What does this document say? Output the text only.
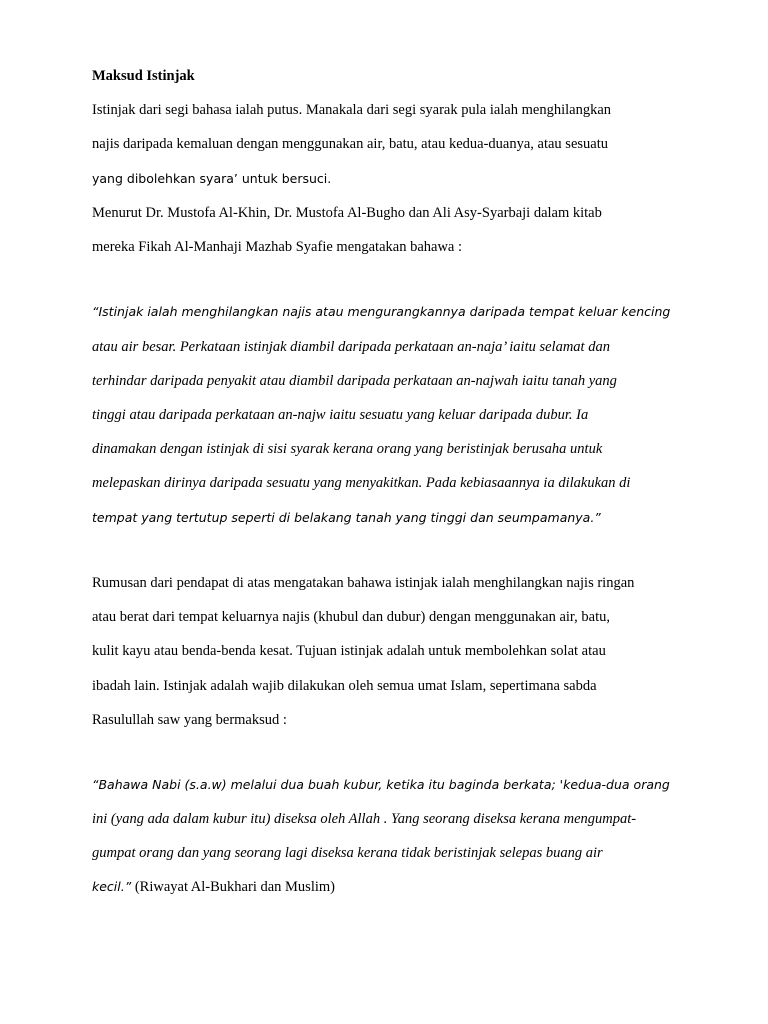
Maksud Istinjak

Istinjak dari segi bahasa ialah putus. Manakala dari segi syarak pula ialah menghilangkan

najis daripada kemaluan dengan menggunakan air, batu, atau kedua-duanya, atau sesuatu

yang dibolehkan syara’ untuk bersuci.

Menurut Dr. Mustofa Al-Khin, Dr. Mustofa Al-Bugho dan Ali Asy-Syarbaji dalam kitab

mereka Fikah Al-Manhaji Mazhab Syafie mengatakan bahawa :

“Istinjak ialah menghilangkan najis atau mengurangkannya daripada tempat keluar kencing

atau air besar. Perkataan istinjak diambil daripada perkataan an-naja’ iaitu selamat dan

terhindar daripada penyakit atau diambil daripada perkataan an-najwah iaitu tanah yang

tinggi atau daripada perkataan an-najw iaitu sesuatu yang keluar daripada dubur. Ia

dinamakan dengan istinjak di sisi syarak kerana orang yang beristinjak berusaha untuk

melepaskan dirinya daripada sesuatu yang menyakitkan. Pada kebiasaannya ia dilakukan di

tempat yang tertutup seperti di belakang tanah yang tinggi dan seumpamanya.”

Rumusan dari pendapat di atas mengatakan bahawa istinjak ialah menghilangkan najis ringan

atau berat dari tempat keluarnya najis (khubul dan dubur) dengan menggunakan air, batu,

kulit kayu atau benda-benda kesat. Tujuan istinjak adalah untuk membolehkan solat atau

ibadah lain. Istinjak adalah wajib dilakukan oleh semua umat Islam, sepertimana sabda

Rasulullah saw yang bermaksud :

“Bahawa Nabi (s.a.w) melalui dua buah kubur, ketika itu baginda berkata; 'kedua-dua orang

ini (yang ada dalam kubur itu) diseksa oleh Allah . Yang seorang diseksa kerana mengumpat-

gumpat orang dan yang seorang lagi diseksa kerana tidak beristinjak selepas buang air

kecil.” (Riwayat Al-Bukhari dan Muslim)
